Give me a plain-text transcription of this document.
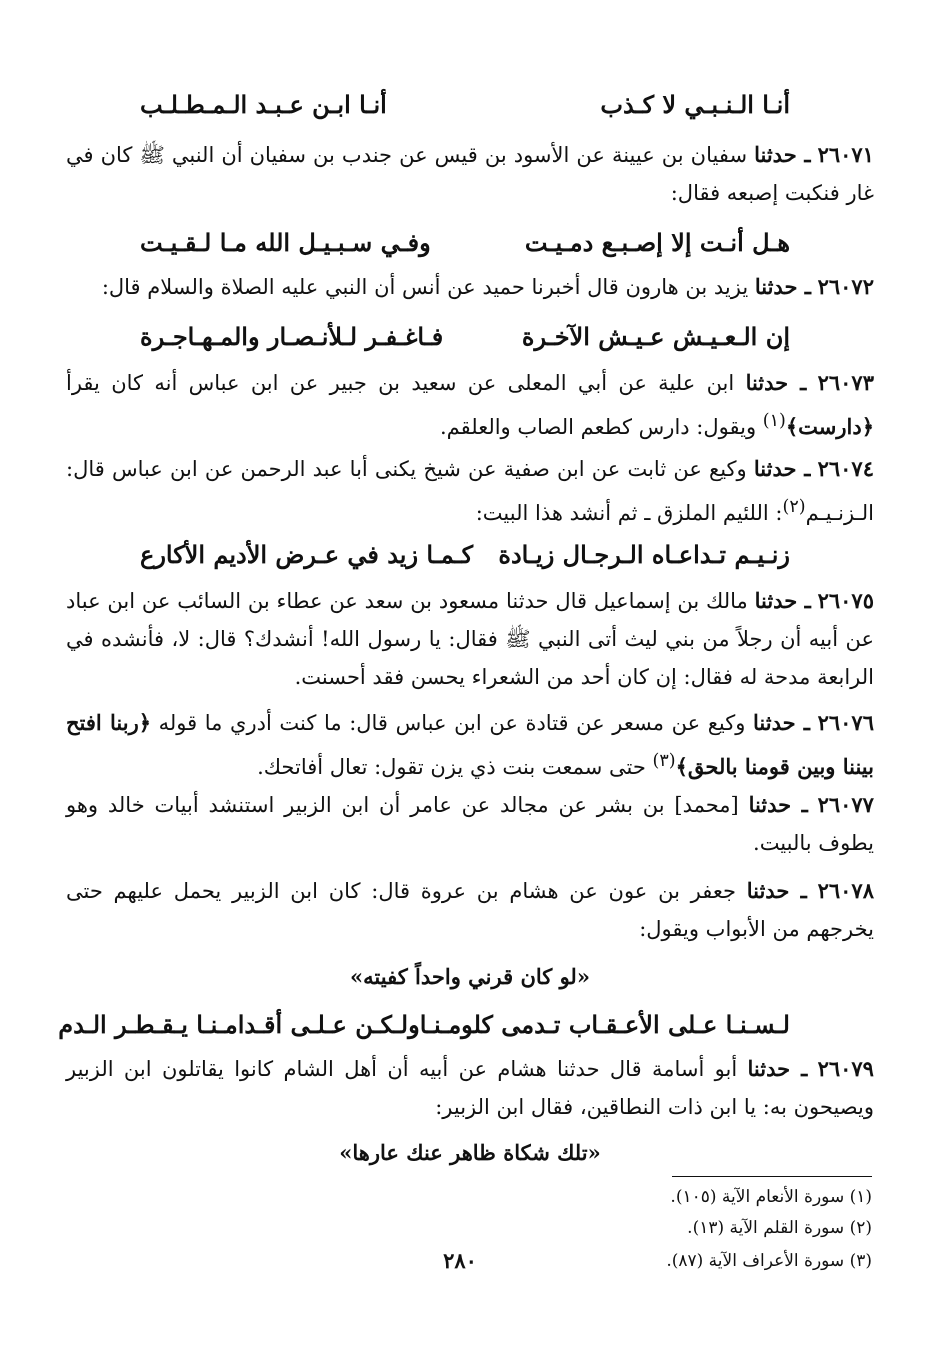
أنـا الـنـبـي لا كـذب
أنـا ابـن عـبـد الـمـطـلـب
٢٦٠٧١ ـ حدثنا سفيان بن عيينة عن الأسود بن قيس عن جندب بن سفيان أن النبي ﷺ كان في غار فنكبت إصبعه فقال:
هـل أنـت إلا إصـبـع دمـيـت
وفـي سـبـيـل الله مـا لـقـيـت
٢٦٠٧٢ ـ حدثنا يزيد بن هارون قال أخبرنا حميد عن أنس أن النبي عليه الصلاة والسلام قال:
إن الـعـيـش عـيـش الآخـرة
فـاغـفـر لـلأنـصـار والمـهـاجـرة
٢٦٠٧٣ ـ حدثنا ابن علية عن أبي المعلى عن سعيد بن جبير عن ابن عباس أنه كان يقرأ ﴿دارست﴾$^{(١)}$ ويقول: دارس كطعم الصاب والعلقم.
٢٦٠٧٤ ـ حدثنا وكيع عن ثابت عن ابن صفية عن شيخ يكنى أبا عبد الرحمن عن ابن عباس قال: الـزنـيـم$^{(٢)}$: اللئيم الملزق ـ ثم أنشد هذا البيت:
زنـيـم تـداعـاه الـرجـال زيـادة
كـمـا زيد في عـرض الأديم الأكارع
٢٦٠٧٥ ـ حدثنا مالك بن إسماعيل قال حدثنا مسعود بن سعد عن عطاء بن السائب عن ابن عباد عن أبيه أن رجلاً من بني ليث أتى النبي ﷺ فقال: يا رسول الله! أنشدك؟ قال: لا، فأنشده في الرابعة مدحة له فقال: إن كان أحد من الشعراء يحسن فقد أحسنت.
٢٦٠٧٦ ـ حدثنا وكيع عن مسعر عن قتادة عن ابن عباس قال: ما كنت أدري ما قوله ﴿ربنا افتح بيننا وبين قومنا بالحق﴾$^{(٣)}$ حتى سمعت بنت ذي يزن تقول: تعال أفاتحك.
٢٦٠٧٧ ـ حدثنا [محمد] بن بشر عن مجالد عن عامر أن ابن الزبير استنشد أبيات خالد وهو يطوف بالبيت.
٢٦٠٧٨ ـ حدثنا جعفر بن عون عن هشام بن عروة قال: كان ابن الزبير يحمل عليهم حتى يخرجهم من الأبواب ويقول:
«لو كان قرني واحداً كفيته»
لـسـنـا عـلى الأعـقـاب تـدمى كلومـنـا
ولـكـن عـلـى أقـدامـنـا يـقـطـر الـدم
٢٦٠٧٩ ـ حدثنا أبو أسامة قال حدثنا هشام عن أبيه أن أهل الشام كانوا يقاتلون ابن الزبير ويصيحون به: يا ابن ذات النطاقين، فقال ابن الزبير:
«تلك شكاة ظاهر عنك عارها»
(١) سورة الأنعام الآية (١٠٥).
(٢) سورة القلم الآية (١٣).
(٣) سورة الأعراف الآية (٨٧).
٢٨٠
